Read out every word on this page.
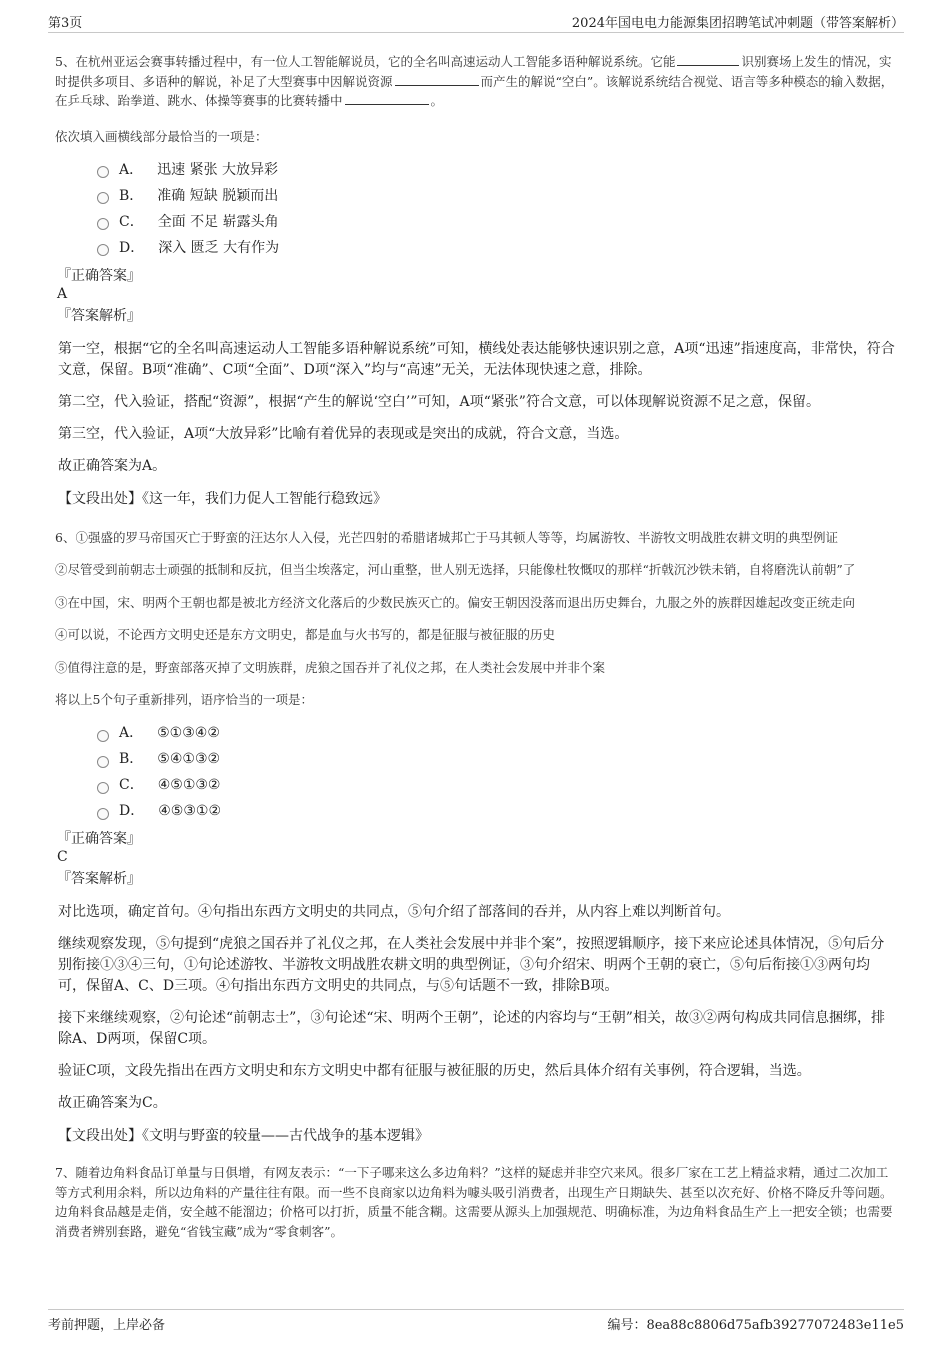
第3页	2024年国电电力能源集团招聘笔试冲刺题（带答案解析）

5、在杭州亚运会赛事转播过程中，有一位人工智能解说员，它的全名叫高速运动人工智能多语种解说系统。它能	识别赛场上发生的情况，实时提供多项目、多语种的解说，补足了大型赛事中因解说资源	而产生的解说“空白”。该解说系统结合视觉、语言等多种模态的输入数据，在乒乓球、跆拳道、跳水、体操等赛事的比赛转播中	。

依次填入画横线部分最恰当的一项是：
A． 迅速 紧张 大放异彩
B． 准确 短缺 脱颖而出
C． 全面 不足 崭露头角
D． 深入 匮乏 大有作为
『正确答案』
A
『答案解析』

第一空，根据“它的全名叫高速运动人工智能多语种解说系统”可知，横线处表达能够快速识别之意，A项“迅速”指速度高，非常快，符合文意，保留。B项“准确”、C项“全面”、D项“深入”均与“高速”无关，无法体现快速之意，排除。

第二空，代入验证，搭配“资源”，根据“产生的解说‘空白’”可知，A项“紧张”符合文意，可以体现解说资源不足之意，保留。

第三空，代入验证，A项“大放异彩”比喻有着优异的表现或是突出的成就，符合文意，当选。

故正确答案为A。

【文段出处】《这一年，我们力促人工智能行稳致远》

6、①强盛的罗马帝国灭亡于野蛮的汪达尔人入侵，光芒四射的希腊诸城邦亡于马其顿人等等，均属游牧、半游牧文明战胜农耕文明的典型例证

②尽管受到前朝志士顽强的抵制和反抗，但当尘埃落定，河山重整，世人别无选择，只能像杜牧慨叹的那样“折戟沉沙铁未销，自将磨洗认前朝”了

③在中国，宋、明两个王朝也都是被北方经济文化落后的少数民族灭亡的。偏安王朝因没落而退出历史舞台，九服之外的族群因雄起改变正统走向

④可以说，不论西方文明史还是东方文明史，都是血与火书写的，都是征服与被征服的历史

⑤值得注意的是，野蛮部落灭掉了文明族群，虎狼之国吞并了礼仪之邦，在人类社会发展中并非个案

将以上5个句子重新排列，语序恰当的一项是：
A． ⑤①③④②
B． ⑤④①③②
C． ④⑤①③②
D． ④⑤③①②
『正确答案』
C
『答案解析』

对比选项，确定首句。④句指出东西方文明史的共同点，⑤句介绍了部落间的吞并，从内容上难以判断首句。

继续观察发现，⑤句提到“虎狼之国吞并了礼仪之邦，在人类社会发展中并非个案”，按照逻辑顺序，接下来应论述具体情况，⑤句后分别衔接①③④三句，①句论述游牧、半游牧文明战胜农耕文明的典型例证，③句介绍宋、明两个王朝的衰亡，⑤句后衔接①③两句均可，保留A、C、D三项。④句指出东西方文明史的共同点，与⑤句话题不一致，排除B项。

接下来继续观察，②句论述“前朝志士”，③句论述“宋、明两个王朝”，论述的内容均与“王朝”相关，故③②两句构成共同信息捆绑，排除A、D两项，保留C项。

验证C项，文段先指出在西方文明史和东方文明史中都有征服与被征服的历史，然后具体介绍有关事例，符合逻辑，当选。

故正确答案为C。

【文段出处】《文明与野蛮的较量——古代战争的基本逻辑》

7、随着边角料食品订单量与日俱增，有网友表示：“一下子哪来这么多边角料？”这样的疑虑并非空穴来风。很多厂家在工艺上精益求精，通过二次加工等方式利用余料，所以边角料的产量往往有限。而一些不良商家以边角料为噱头吸引消费者，出现生产日期缺失、甚至以次充好、价格不降反升等问题。边角料食品越是走俏，安全越不能溜边；价格可以打折，质量不能含糊。这需要从源头上加强规范、明确标准，为边角料食品生产上一把安全锁；也需要消费者辨别套路，避免“省钱宝藏”成为“零食刺客”。

考前押题，上岸必备	编号：8ea88c8806d75afb39277072483e11e5
